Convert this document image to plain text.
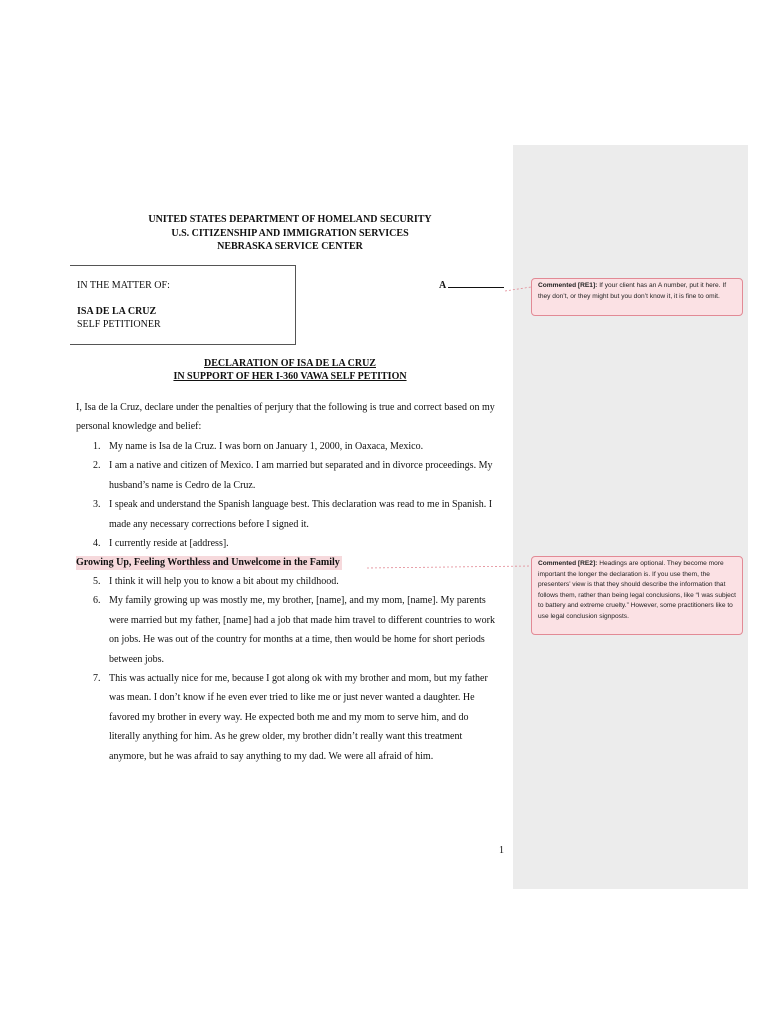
UNITED STATES DEPARTMENT OF HOMELAND SECURITY
U.S. CITIZENSHIP AND IMMIGRATION SERVICES
NEBRASKA SERVICE CENTER
IN THE MATTER OF:
ISA DE LA CRUZ
SELF PETITIONER
A
DECLARATION OF ISA DE LA CRUZ
IN SUPPORT OF HER I-360 VAWA SELF PETITION
I, Isa de la Cruz, declare under the penalties of perjury that the following is true and correct based on my personal knowledge and belief:
1. My name is Isa de la Cruz. I was born on January 1, 2000, in Oaxaca, Mexico.
2. I am a native and citizen of Mexico. I am married but separated and in divorce proceedings. My husband’s name is Cedro de la Cruz.
3. I speak and understand the Spanish language best. This declaration was read to me in Spanish. I made any necessary corrections before I signed it.
4. I currently reside at [address].
Growing Up, Feeling Worthless and Unwelcome in the Family
5. I think it will help you to know a bit about my childhood.
6. My family growing up was mostly me, my brother, [name], and my mom, [name]. My parents were married but my father, [name] had a job that made him travel to different countries to work on jobs. He was out of the country for months at a time, then would be home for short periods between jobs.
7. This was actually nice for me, because I got along ok with my brother and mom, but my father was mean. I don’t know if he even ever tried to like me or just never wanted a daughter. He favored my brother in every way. He expected both me and my mom to serve him, and do literally anything for him. As he grew older, my brother didn’t really want this treatment anymore, but he was afraid to say anything to my dad. We were all afraid of him.
1
Commented [RE1]: If your client has an A number, put it here. If they don’t, or they might but you don’t know it, it is fine to omit.
Commented [RE2]: Headings are optional. They become more important the longer the declaration is. If you use them, the presenters’ view is that they should describe the information that follows them, rather than being legal conclusions, like “I was subject to battery and extreme cruelty.” However, some practitioners like to use legal conclusion signposts.
